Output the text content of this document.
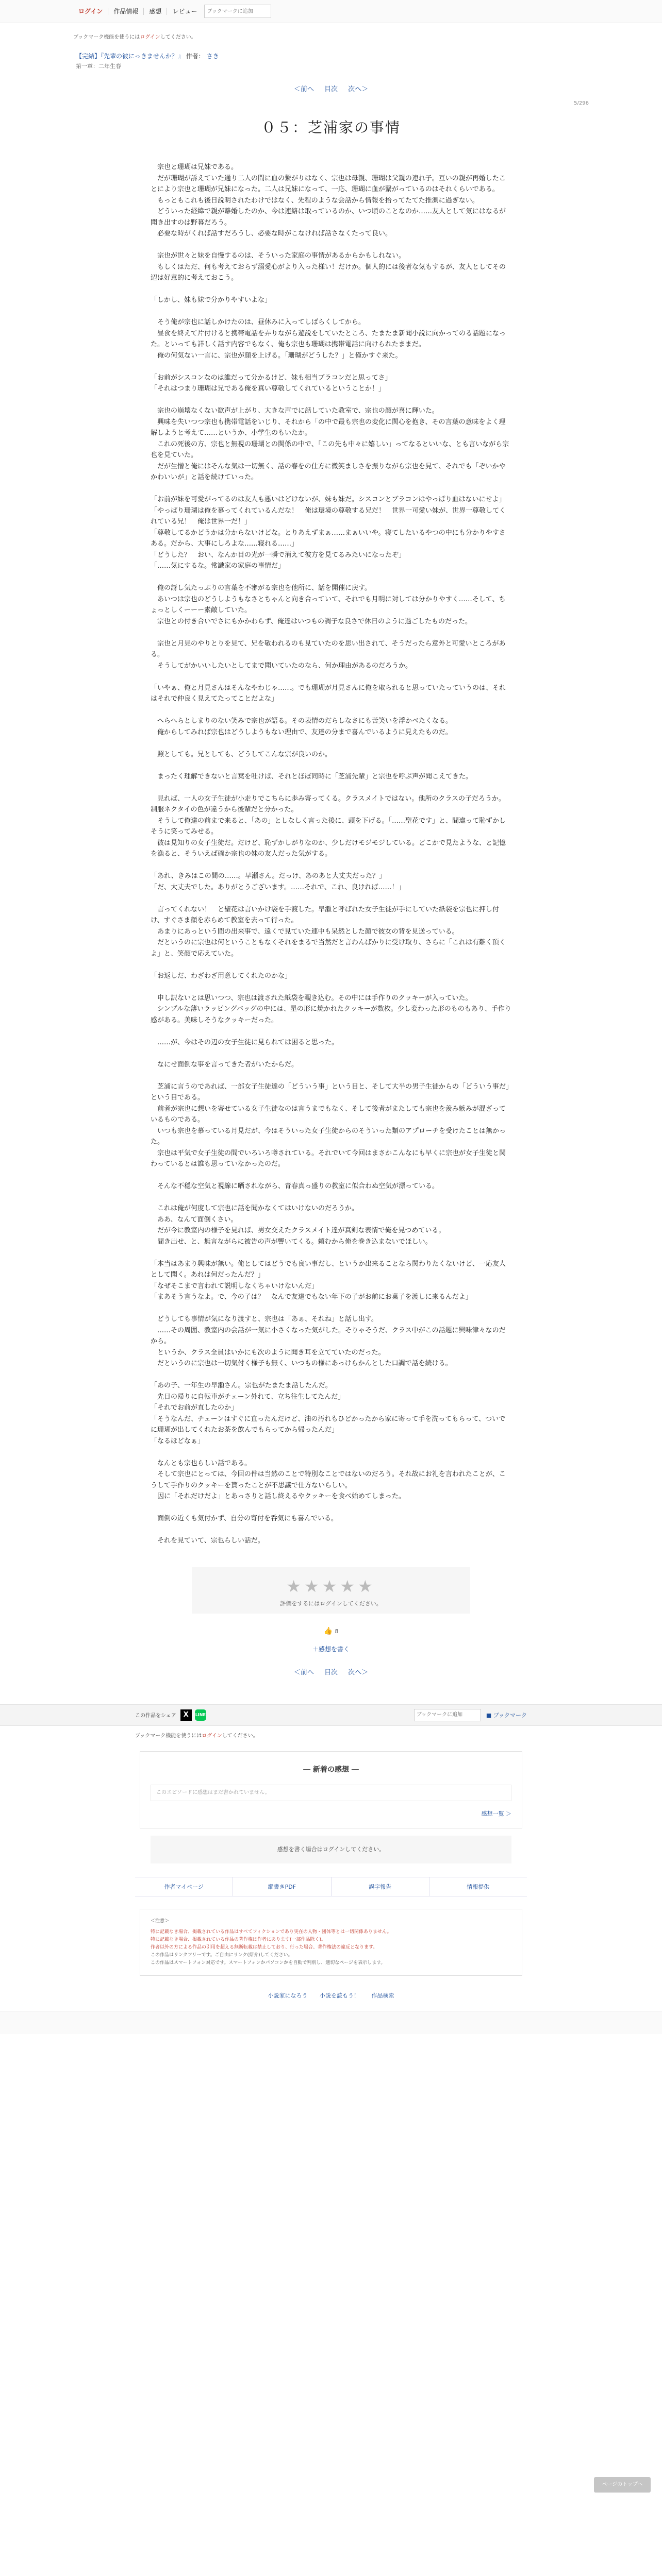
ログイン	作品情報	感想	レビュー
ブックマークに追加
ブックマーク機能を使うにはログインしてください。
【完結】『先輩の彼にっきませんか？』 作者： さき
第一章：二年生春
＜前へ 目次 次へ＞
5/296
０５：芝浦家の事情

　宗也と珊瑚は兄妹である。

　だが珊瑚が訴えていた通り二人の間に血の繋がりはなく、宗也は母親、珊瑚は父親の連れ子。互いの親が再婚したことにより宗也と珊瑚が兄妹になった。二人は兄妹になって、一応、珊瑚に血が繋がっているのはそれくらいである。

　もっともこれも後日説明されたわけではなく、先程のような会話から情報を拾ってたてた推測に過ぎない。

　どういった経緯で親が離婚したのか、今は連絡は取っているのか、いつ頃のことなのか……友人として気にはなるが聞き出すのは野暮だろう。

　必要な時がくれば話すだろうし、必要な時がこなければ話さなくたって良い。

　宗也が世々と妹を自慢するのは、そういった家庭の事情があるからかもしれない。

　もしくはただ、何も考えておらず溺愛心がより入った様い！だけか。個人的には後者な気もするが、友人としてその辺は好意的に考えておこう。

「しかし、妹も妹で分かりやすいよな」

　そう俺が宗也に話しかけたのは、昼休みに入ってしばらくしてから。

　昼食を終えて片付けると携帯電話を弄りながら遊説をしていたところ、たまたま新聞小説に向かってのる話題になった。といっても詳しく話す内容でもなく、俺も宗也も珊瑚は携帯電話に向けられたままだ。

　俺の何気ない一言に、宗也が顔を上げる。「珊瑚がどうした？」と僅かすぐ来た。

「お前がシスコンなのは誰だって分かるけど、妹も相当ブラコンだと思ってさ」

「それはつまり珊瑚は兄である俺を真い尊敬してくれているということか！」

　宗也の崩壊なくない歓声が上がり、大きな声でに話していた教室で、宗也の顔が喜に輝いた。

　興味を失いつつ宗也も携帯電話をいじり、それから「の中で最も宗也の変化に関心を抱き、その言葉の意味をよく理解しようと考えて……というか、小学生のもいたか。

　これの死後の方、宗也と無視の珊瑚との関係の中で、「この先も中々に嬉しい」ってなるといいな、とも言いながら宗也を見ていた。

　だが生憎と俺にはそんな気は一切無く、話の春をの仕方に微笑ましさを振りながら宗也を見て、それでも「ぞいかやかわいいが」と話を続けていった。

「お前が妹を可愛がってるのは友人も悪いはどけないが、妹も妹だ。シスコンとブラコンはやっぱり血はないにせよ」

「やっぱり珊瑚は俺を慕ってくれているんだな！　俺は環境の尊敬する兄だ！　世界一可愛い妹が、世界一尊敬してくれている兄！　俺は世界一だ！」

「尊敬してるかどうかは分からないけどな。とりあえずまぁ……まぁいいや。寝てしたいるやつの中にも分かりやすさある。だから、大事にしろよな……寝れる……」

「どうした？　おい、なんか目の光が一瞬で消えて彼方を見てるみたいになったぞ」

「……気にするな。常識家の家庭の事情だ」

　俺の訝し気たっぷりの言葉を不審がる宗也を他所に、話を開催に戻す。

　あいつは宗也のどうしようもなさとちゃんと向き合っていて、それでも月明に対しては分かりやすく……そして、ちょっとしくーーー素敵していた。

　宗也との付き合いでさにもかかわらず、俺達はいつもの調子な良さで休日のように過ごしたものだった。

　宗也と月見のやりとりを見て、兄を敬われるのも見ていたのを思い出されて、そうだったら意外と可愛いところがある。

　そうしてがかいいしたいとしてまで聞いていたのなら、何か理由があるのだろうか。

「いやぁ、俺と月見さんはそんなやわじゃ……。でも珊瑚が月見さんに俺を取られると思っていたっていうのは、それはそれで仲良く見えてたってことだよな」

　へらへらとしまりのない笑みで宗也が語る。その表情のだらしなさにも苦笑いを浮かべたくなる。

　俺からしてみれば宗也はどうしようもない理由で、友達の分まで喜んでいるように見えたものだ。

　照としても。兄としても、どうしてこんな宗が良いのか。

　まったく理解できないと言葉を吐けば、それとほぼ同時に「芝浦先輩」と宗也を呼ぶ声が聞こえてきた。

　見れば、一人の女子生徒が小走りでこちらに歩み寄ってくる。クラスメイトではない。他所のクラスの子だろうか。制服ネクタイの色が違うから後輩だと分かった。

　そうして俺達の前まで来ると、「あの」としなしく言った後に、頭を下げる。「……聖花です」と、間違って恥ずかしそうに笑ってみせる。

　彼は見知りの女子生徒だ。だけど、恥ずかしがりなのか、少しだけモジモジしている。どこかで見たような、と記憶を漁ると、そういえば確か宗也の妹の友人だった気がする。

「あれ、きみはこの間の……。早瀬さん。だっけ、あのあと大丈夫だった？」

「だ、大丈夫でした。ありがとうございます。……それで、これ、良ければ……！」

　言ってくれない！　と聖花は言いかけ袋を手渡した。早瀬と呼ばれた女子生徒が手にしていた紙袋を宗也に押し付け、すぐさま顔を赤らめて教室を去って行った。

　あまりにあっという間の出来事で、遠くで見ていた連中も呆然とした顔で彼女の背を見送っている。

　だというのに宗也は何ということもなくそれをまるで当然だと言わんばかりに受け取り、さらに「これは有難く頂くよ」と、笑顔で応えていた。

「お返しだ、わざわざ用意してくれたのかな」

　申し訳ないとは思いつつ、宗也は渡された紙袋を覗き込む。その中には手作りのクッキーが入っていた。

　シンプルな薄いラッピングバッグの中には、星の形に焼かれたクッキーが数枚。少し変わった形のものもあり、手作り感がある。美味しそうなクッキーだった。

　……が、今はその辺の女子生徒に見られては困ると思った。

　なにせ面倒な事を言ってきた者がいたからだ。

　芝浦に言うのであれば、一部女子生徒達の「どういう事」という目と、そして大半の男子生徒からの「どういう事だ」という目である。

　前者が宗也に想いを寄せている女子生徒なのは言うまでもなく、そして後者がまたしても宗也を羨み嫉みが混ざっているものである。

　いつも宗也を慕っている月見だが、今はそういった女子生徒からのそういった類のアプローチを受けたことは無かった。

　宗也は平気で女子生徒の間でいろいろ噂されている。それでいて今回はまさかこんなにも早くに宗也が女子生徒と関わっているとは誰も思っていなかったのだ。

　そんな不穏な空気と視線に晒されながら、青春真っ盛りの教室に似合わぬ空気が漂っている。

　これは俺が何度して宗也に話を聞かなくてはいけないのだろうか。

　ああ、なんて面倒くさい。

　だが今に教室内の様子を見れば、男女交えたクラスメイト達が真剣な表情で俺を見つめている。

　間き出せ、と、無言ながらに被告の声が響いてくる。頼むから俺を巻き込まないでほしい。

「本当はあまり興味が無い。俺としてはどうでも良い事だし、というか出来ることなら関わりたくないけど、一応友人として聞く。あれは何だったんだ？」

「なぜそこまで言われて説明しなくちゃいけないんだ」

「まあそう言うなよ。で、今の子は？　なんで友達でもない年下の子がお前にお菓子を渡しに来るんだよ」

　どうしても事情が気になり渡すと、宗也は「あぁ、それね」と話し出す。

　……その周囲、教室内の会話が一気に小さくなった気がした。そりゃそうだ、クラス中がこの話題に興味津々なのだから。

　というか、クラス全員はいかにも次のように聞き耳を立てていたのだった。

　だというのに宗也は一切気付く様子も無く、いつもの様にあっけらかんとした口調で話を続ける。

「あの子、一年生の早瀬さん。宗也がたまたま話したんだ。

　先日の帰りに自転車がチェーン外れて、立ち往生してたんだ」

「それでお前が直したのか」

「そうなんだ、チェーンはすぐに直ったんだけど、油の汚れもひどかったから家に寄って手を洗ってもらって、ついでに珊瑚が出してくれたお茶を飲んでもらってから帰ったんだ」

「なるほどなぁ」

　なんとも宗也らしい話である。

　そして宗也にとっては、今回の件は当然のことで特別なことではないのだろう。それ故にお礼を言われたことが、こうして手作りのクッキーを貰ったことが不思議で仕方ないらしい。

　因に「それだけだよ」とあっさりと話し終えるやクッキーを食べ始めてしまった。

　面倒の近くも気付かず、自分の寄付を呑気にも喜んでいる。

　それを見ていて、宗也らしい話だ。

ページのトップへ
★★★★★
評価をするにはログインしてください。
👍 8
＋感想を書く
＜前へ 目次 次へ＞
この作品をシェア	X	LINE
ブックマークに追加	■ ブックマーク
ブックマーク機能を使うにはログインしてください。
― 新着の感想 ―
このエピソードに感想はまだ書かれていません。
感想一覧 ＞
感想を書く場合はログインしてください。
作者マイページ	縦書きPDF	誤字報告	情報提供
＜注意＞
特に記載なき場合、掲載されている作品はすべてフィクションであり実在の人物・団体等とは一切関係ありません。
特に記載なき場合、掲載されている作品の著作権は作者にあります(一部作品除く)。
作者以外の方による作品の引用を超える無断転載は禁止しており、行った場合、著作権法の違反となります。
この作品はリンクフリーです。ご自由にリンク(紹介)してください。
この作品はスマートフォン対応です。スマートフォンかパソコンかを自動で判別し、適切なページを表示します。
小説家になろう 小説を読もう！ 作品検索
